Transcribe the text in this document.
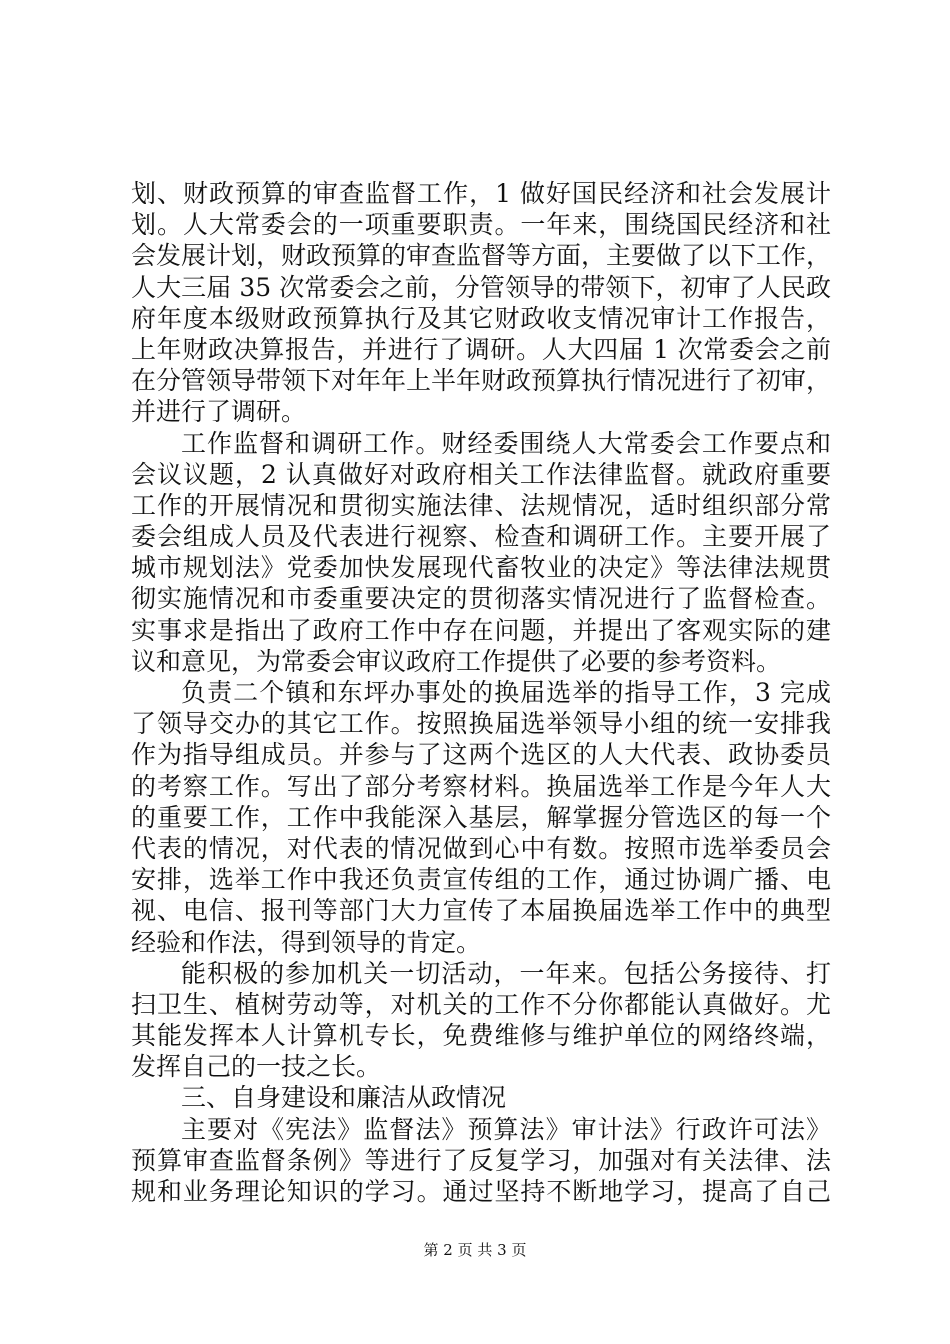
划、财政预算的审查监督工作，1 做好国民经济和社会发展计
划。人大常委会的一项重要职责。一年来，围绕国民经济和社
会发展计划，财政预算的审查监督等方面，主要做了以下工作，
人大三届 35 次常委会之前，分管领导的带领下，初审了人民政
府年度本级财政预算执行及其它财政收支情况审计工作报告，
上年财政决算报告，并进行了调研。人大四届 1 次常委会之前
在分管领导带领下对年年上半年财政预算执行情况进行了初审，
并进行了调研。
工作监督和调研工作。财经委围绕人大常委会工作要点和
会议议题，2 认真做好对政府相关工作法律监督。就政府重要
工作的开展情况和贯彻实施法律、法规情况，适时组织部分常
委会组成人员及代表进行视察、检查和调研工作。主要开展了
城市规划法》党委加快发展现代畜牧业的决定》等法律法规贯
彻实施情况和市委重要决定的贯彻落实情况进行了监督检查。
实事求是指出了政府工作中存在问题，并提出了客观实际的建
议和意见，为常委会审议政府工作提供了必要的参考资料。
负责二个镇和东坪办事处的换届选举的指导工作，3 完成
了领导交办的其它工作。按照换届选举领导小组的统一安排我
作为指导组成员。并参与了这两个选区的人大代表、政协委员
的考察工作。写出了部分考察材料。换届选举工作是今年人大
的重要工作，工作中我能深入基层，解掌握分管选区的每一个
代表的情况，对代表的情况做到心中有数。按照市选举委员会
安排，选举工作中我还负责宣传组的工作，通过协调广播、电
视、电信、报刊等部门大力宣传了本届换届选举工作中的典型
经验和作法，得到领导的肯定。
能积极的参加机关一切活动，一年来。包括公务接待、打
扫卫生、植树劳动等，对机关的工作不分你都能认真做好。尤
其能发挥本人计算机专长，免费维修与维护单位的网络终端，
发挥自己的一技之长。
三、自身建设和廉洁从政情况
主要对《宪法》监督法》预算法》审计法》行政许可法》
预算审查监督条例》等进行了反复学习，加强对有关法律、法
规和业务理论知识的学习。通过坚持不断地学习，提高了自己
第 2 页 共 3 页
